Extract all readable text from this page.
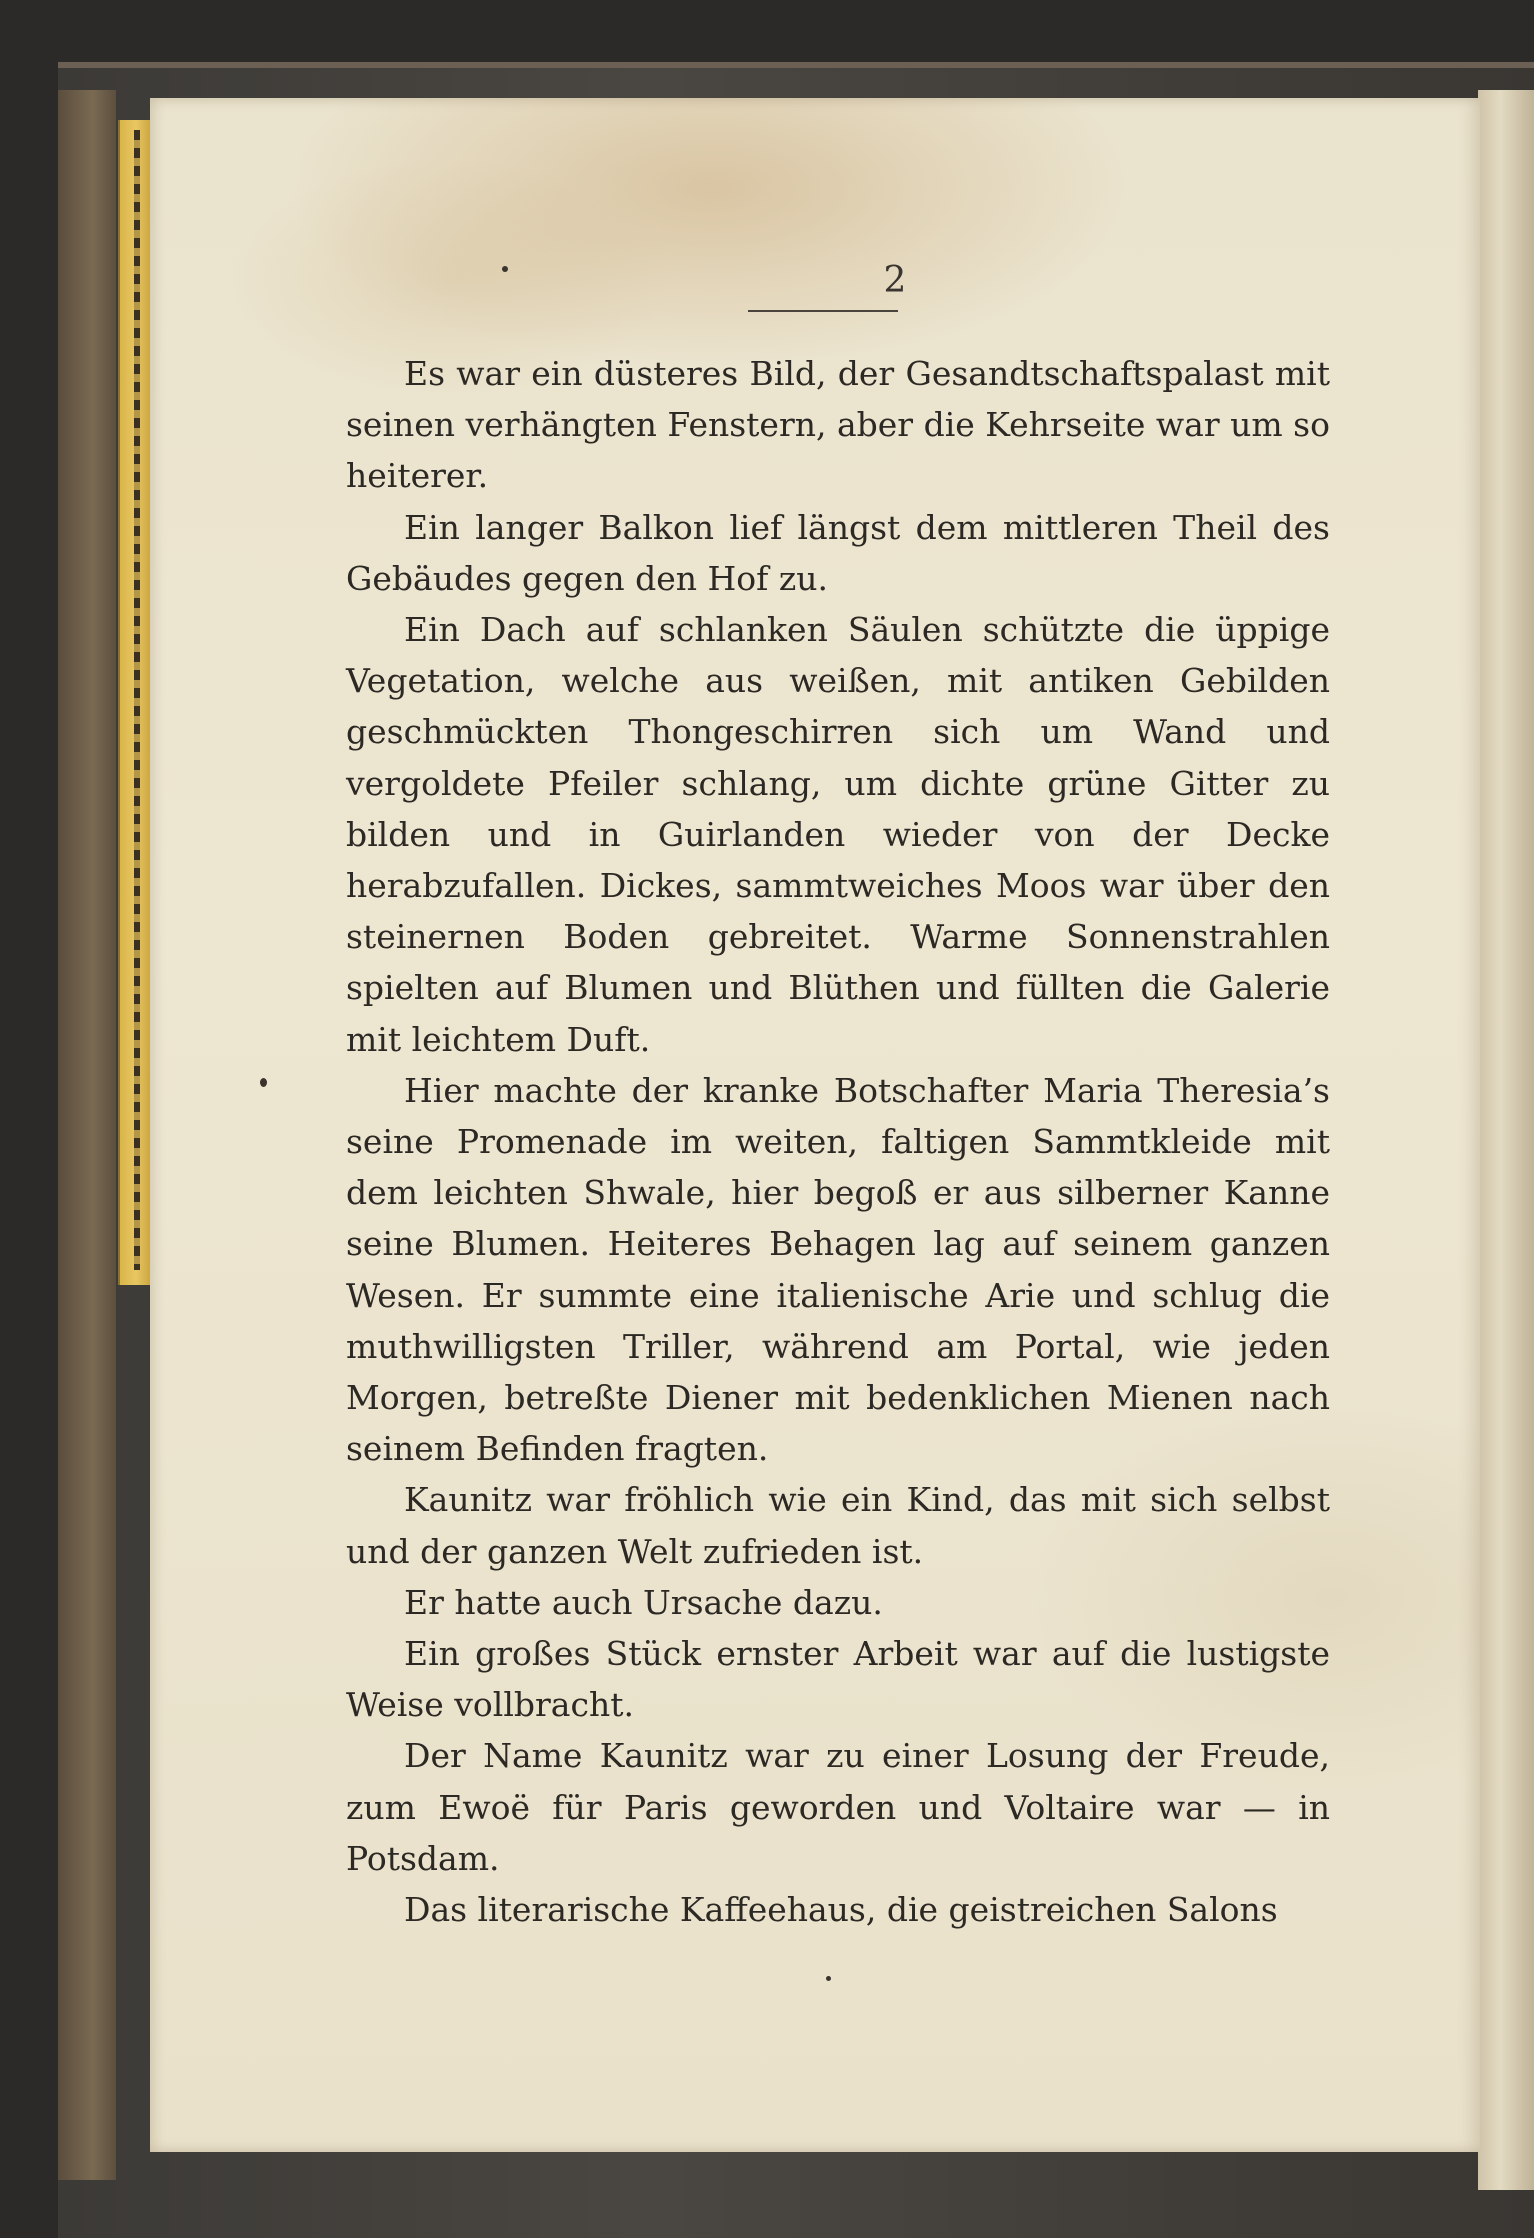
2

Es war ein düsteres Bild, der Gesandtschaftspalast mit seinen verhängten Fenstern, aber die Kehrseite war um so heiterer.

Ein langer Balkon lief längst dem mittleren Theil des Gebäudes gegen den Hof zu.

Ein Dach auf schlanken Säulen schützte die üppige Vegetation, welche aus weißen, mit antiken Gebilden geschmückten Thongeschirren sich um Wand und vergoldete Pfeiler schlang, um dichte grüne Gitter zu bilden und in Guirlanden wieder von der Decke herabzufallen. Dickes, sammtweiches Moos war über den steinernen Boden gebreitet. Warme Sonnenstrahlen spielten auf Blumen und Blüthen und füllten die Galerie mit leichtem Duft.

Hier machte der kranke Botschafter Maria Theresia’s seine Promenade im weiten, faltigen Sammtkleide mit dem leichten Shwale, hier begoß er aus silberner Kanne seine Blumen. Heiteres Behagen lag auf seinem ganzen Wesen. Er summte eine italienische Arie und schlug die muthwilligsten Triller, während am Portal, wie jeden Morgen, betreßte Diener mit bedenklichen Mienen nach seinem Befinden fragten.

Kaunitz war fröhlich wie ein Kind, das mit sich selbst und der ganzen Welt zufrieden ist.

Er hatte auch Ursache dazu.

Ein großes Stück ernster Arbeit war auf die lustigste Weise vollbracht.

Der Name Kaunitz war zu einer Losung der Freude, zum Ewoë für Paris geworden und Voltaire war — in Potsdam.

Das literarische Kaffeehaus, die geistreichen Salons
